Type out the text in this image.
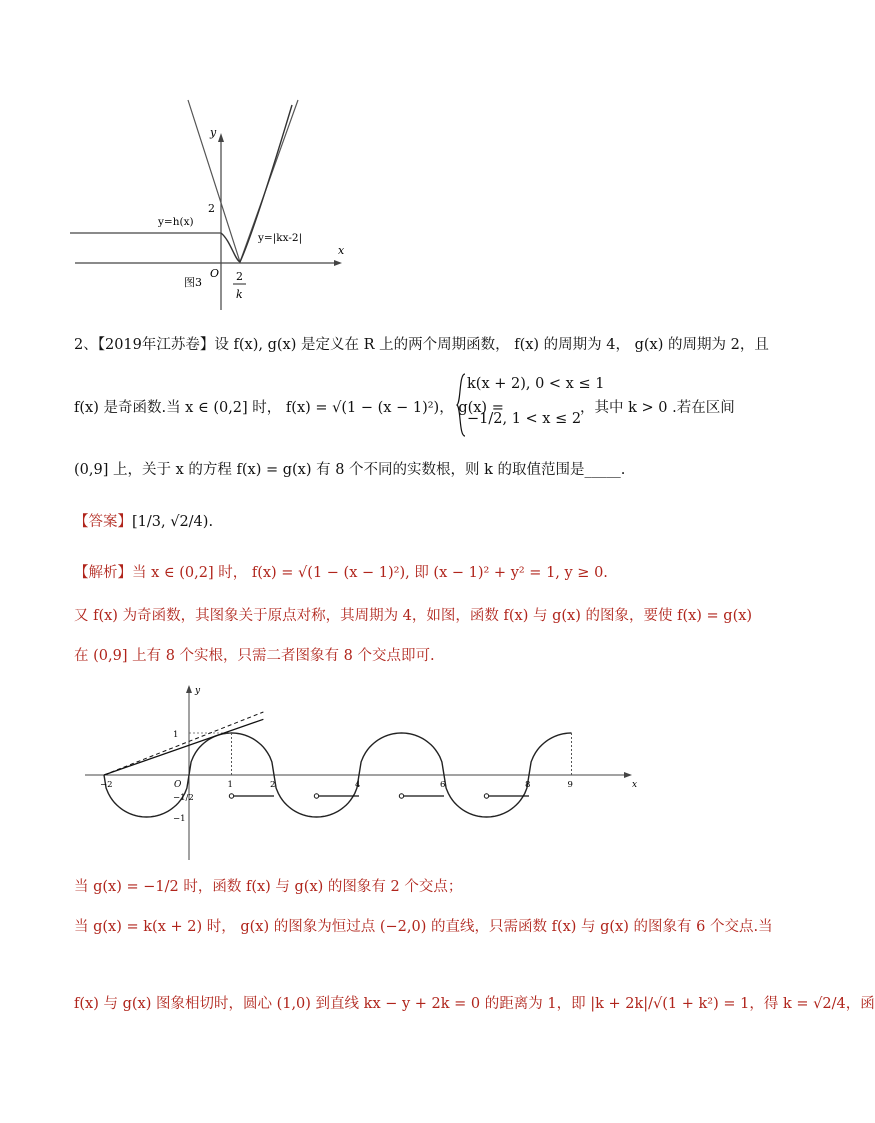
y
x
2
y=h(x)
y=|kx-2|
O 2
k
图3
2、【2019年江苏卷】设 f(x), g(x) 是定义在 R 上的两个周期函数， f(x) 的周期为 4， g(x) 的周期为 2，且
f(x) 是奇函数.当 x ∈ (0,2] 时， f(x) = √(1 − (x − 1)²)， g(x) =
k(x + 2), 0 < x ≤ 1
−1/2, 1 < x ≤ 2
，其中 k > 0 .若在区间
(0,9] 上，关于 x 的方程 f(x) = g(x) 有 8 个不同的实数根，则 k 的取值范围是_____.
【答案】[1/3, √2/4).
【解析】当 x ∈ (0,2] 时， f(x) = √(1 − (x − 1)²), 即 (x − 1)² + y² = 1, y ≥ 0.
又 f(x) 为奇函数，其图象关于原点对称，其周期为 4，如图，函数 f(x) 与 g(x) 的图象，要使 f(x) = g(x)
在 (0,9] 上有 8 个实根，只需二者图象有 8 个交点即可.
−2	1	2	4	6	8	9
1
−1/2
−1
x
y
O
当 g(x) = −1/2 时，函数 f(x) 与 g(x) 的图象有 2 个交点；
当 g(x) = k(x + 2) 时， g(x) 的图象为恒过点 (−2,0) 的直线，只需函数 f(x) 与 g(x) 的图象有 6 个交点.当
f(x) 与 g(x) 图象相切时，圆心 (1,0) 到直线 kx − y + 2k = 0 的距离为 1，即 |k + 2k|/√(1 + k²) = 1，得 k = √2/4，函
